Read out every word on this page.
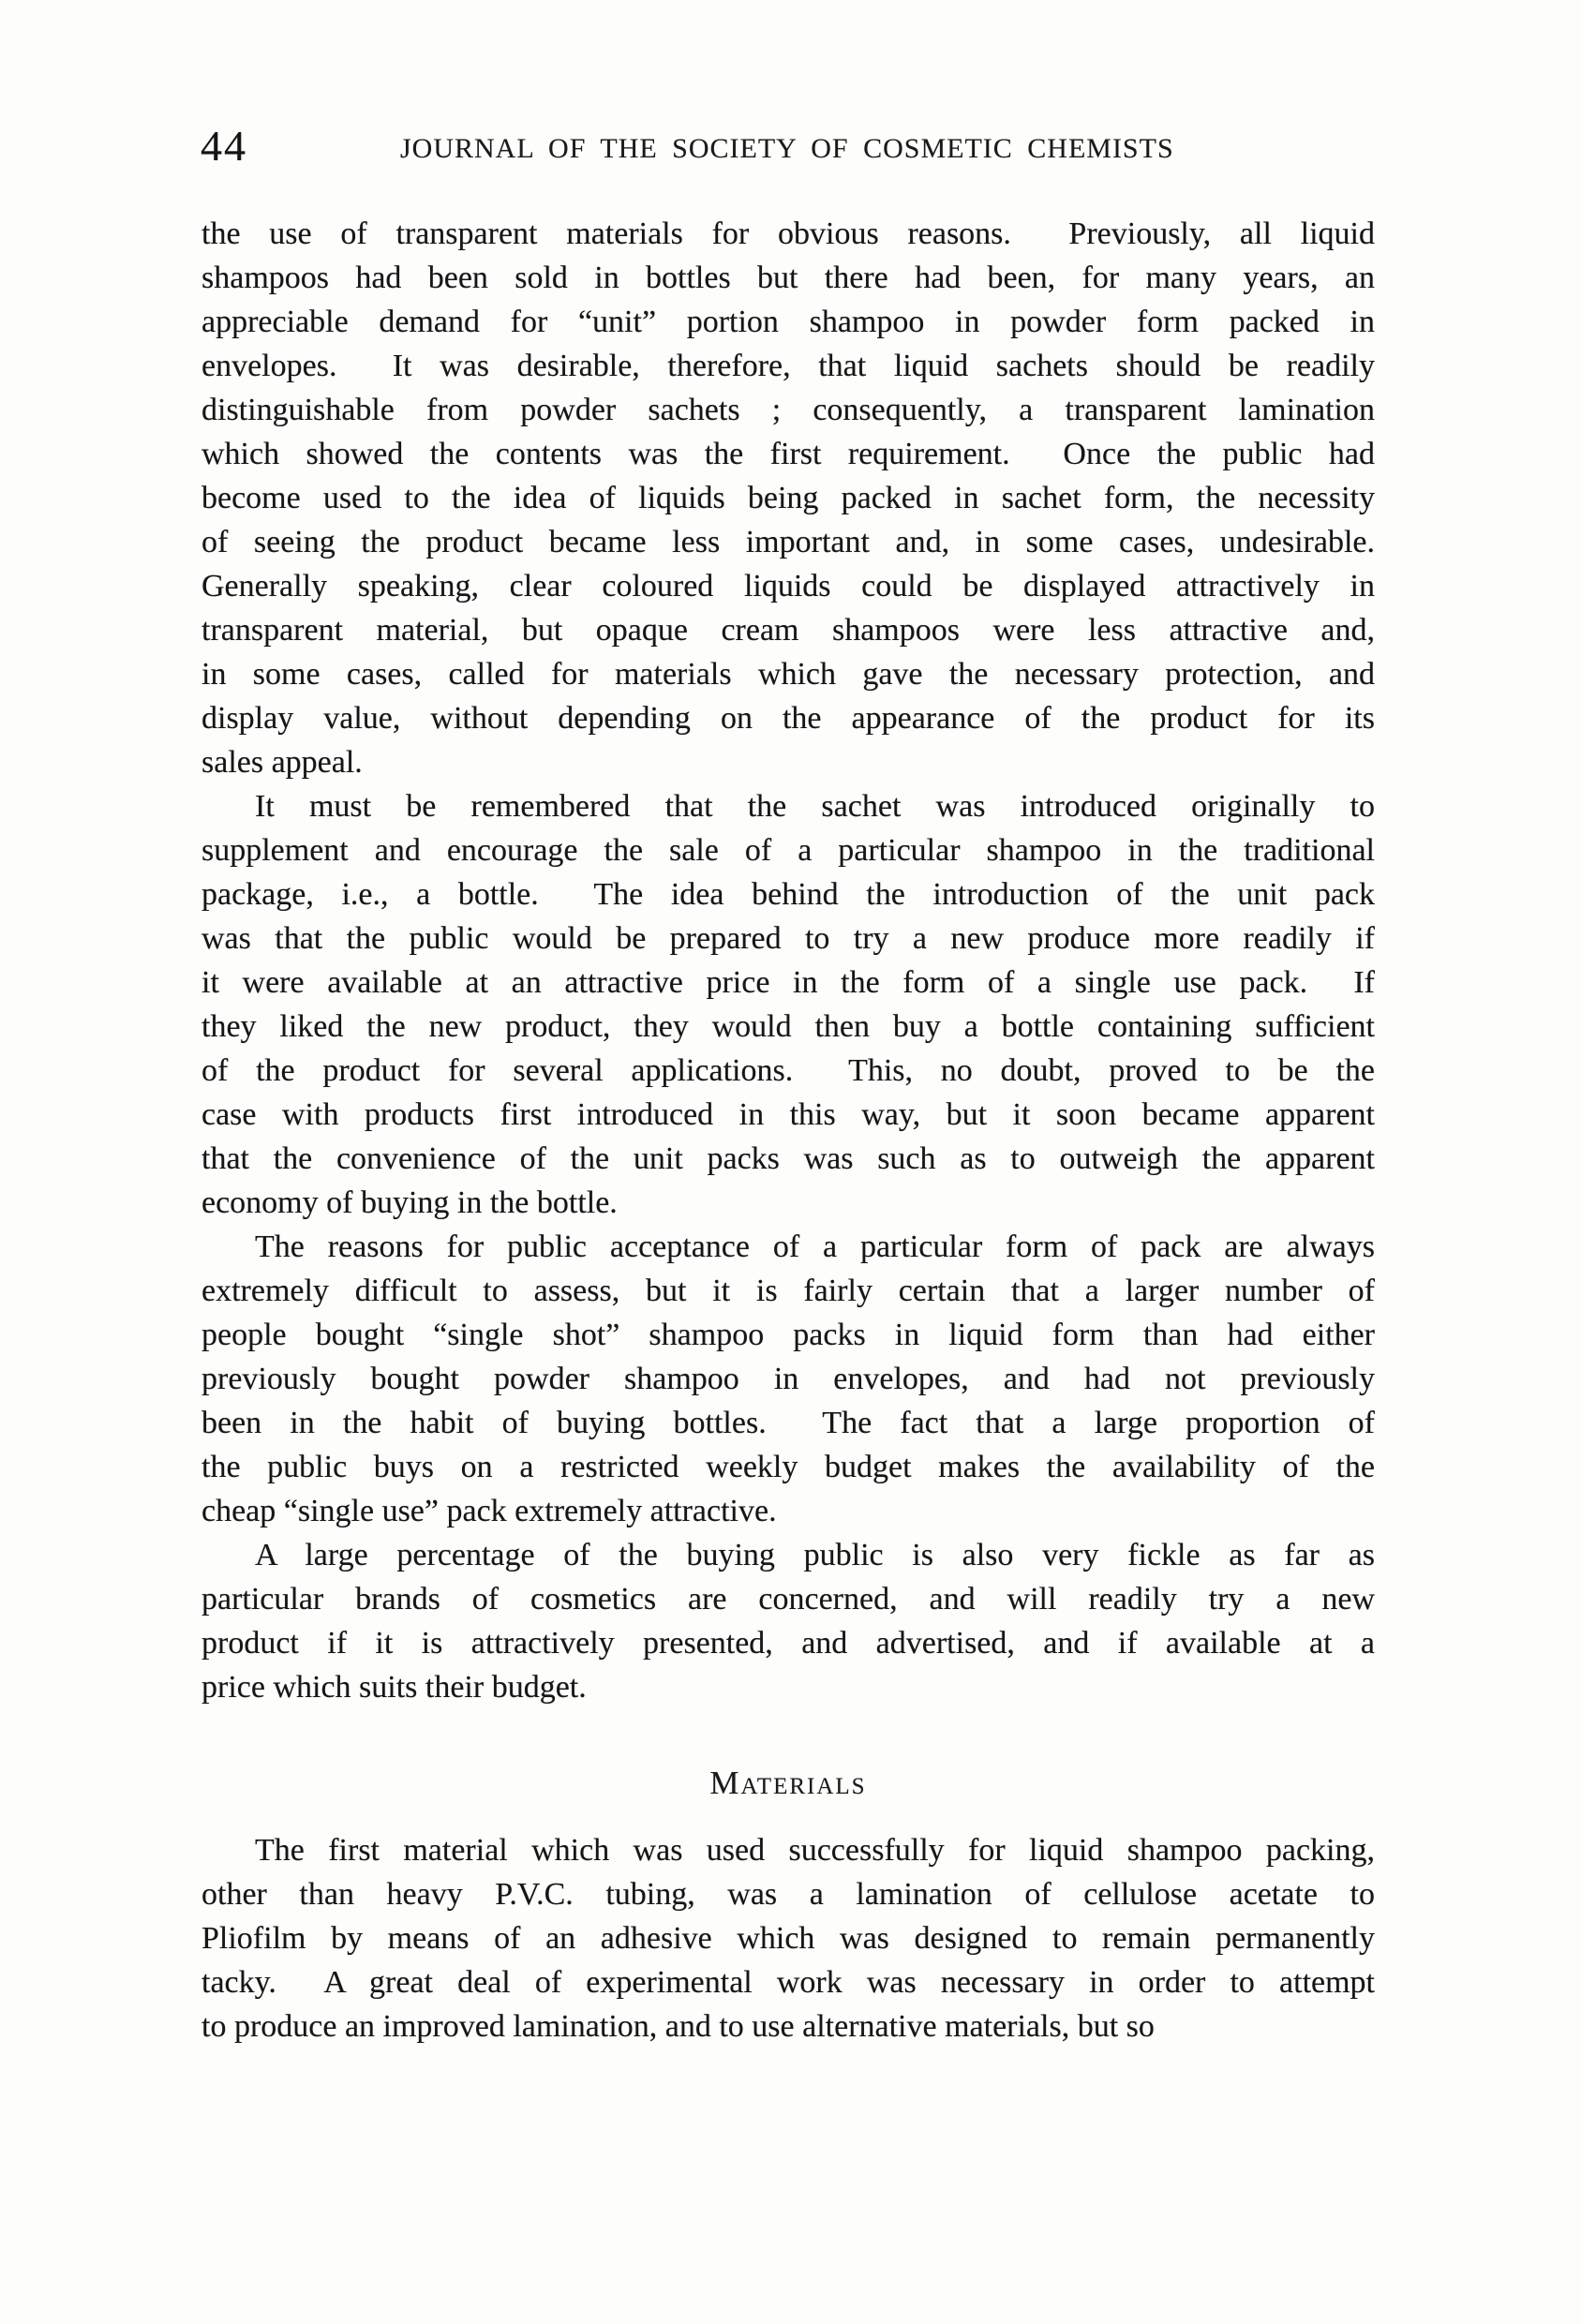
44	JOURNAL OF THE SOCIETY OF COSMETIC CHEMISTS
the use of transparent materials for obvious reasons.  Previously, all liquid
shampoos had been sold in bottles but there had been, for many years, an
appreciable demand for “unit” portion shampoo in powder form packed in
envelopes.  It was desirable, therefore, that liquid sachets should be readily
distinguishable from powder sachets ; consequently, a transparent lamination
which showed the contents was the first requirement.  Once the public had
become used to the idea of liquids being packed in sachet form, the necessity
of seeing the product became less important and, in some cases, undesirable.
Generally speaking, clear coloured liquids could be displayed attractively in
transparent material, but opaque cream shampoos were less attractive and,
in some cases, called for materials which gave the necessary protection, and
display value, without depending on the appearance of the product for its
sales appeal.
It must be remembered that the sachet was introduced originally to
supplement and encourage the sale of a particular shampoo in the traditional
package, i.e., a bottle.  The idea behind the introduction of the unit pack
was that the public would be prepared to try a new produce more readily if
it were available at an attractive price in the form of a single use pack.  If
they liked the new product, they would then buy a bottle containing sufficient
of the product for several applications.  This, no doubt, proved to be the
case with products first introduced in this way, but it soon became apparent
that the convenience of the unit packs was such as to outweigh the apparent
economy of buying in the bottle.
The reasons for public acceptance of a particular form of pack are always
extremely difficult to assess, but it is fairly certain that a larger number of
people bought “single shot” shampoo packs in liquid form than had either
previously bought powder shampoo in envelopes, and had not previously
been in the habit of buying bottles.  The fact that a large proportion of
the public buys on a restricted weekly budget makes the availability of the
cheap “single use” pack extremely attractive.
A large percentage of the buying public is also very fickle as far as
particular brands of cosmetics are concerned, and will readily try a new
product if it is attractively presented, and advertised, and if available at a
price which suits their budget.
Materials
The first material which was used successfully for liquid shampoo packing,
other than heavy P.V.C. tubing, was a lamination of cellulose acetate to
Pliofilm by means of an adhesive which was designed to remain permanently
tacky.  A great deal of experimental work was necessary in order to attempt
to produce an improved lamination, and to use alternative materials, but so
